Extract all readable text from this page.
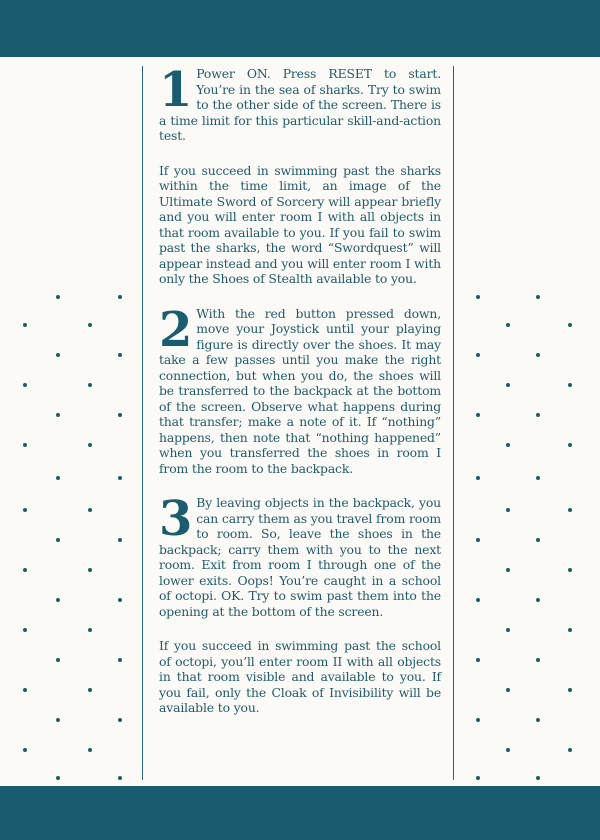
1 Power ON. Press RESET to start. You’re in the sea of sharks. Try to swim to the other side of the screen. There is a time limit for this particular skill-and-action test.

If you succeed in swimming past the sharks within the time limit, an image of the Ultimate Sword of Sorcery will appear briefly and you will enter room I with all objects in that room available to you. If you fail to swim past the sharks, the word “Swordquest” will appear instead and you will enter room I with only the Shoes of Stealth available to you.

2 With the red button pressed down, move your Joystick until your playing figure is directly over the shoes. It may take a few passes until you make the right connection, but when you do, the shoes will be transferred to the backpack at the bottom of the screen. Observe what happens during that transfer; make a note of it. If “nothing” happens, then note that “nothing happened” when you transferred the shoes in room I from the room to the backpack.

3 By leaving objects in the backpack, you can carry them as you travel from room to room. So, leave the shoes in the backpack; carry them with you to the next room. Exit from room I through one of the lower exits. Oops! You’re caught in a school of octopi. OK. Try to swim past them into the opening at the bottom of the screen.

If you succeed in swimming past the school of octopi, you’ll enter room II with all objects in that room visible and available to you. If you fail, only the Cloak of Invisibility will be available to you.
